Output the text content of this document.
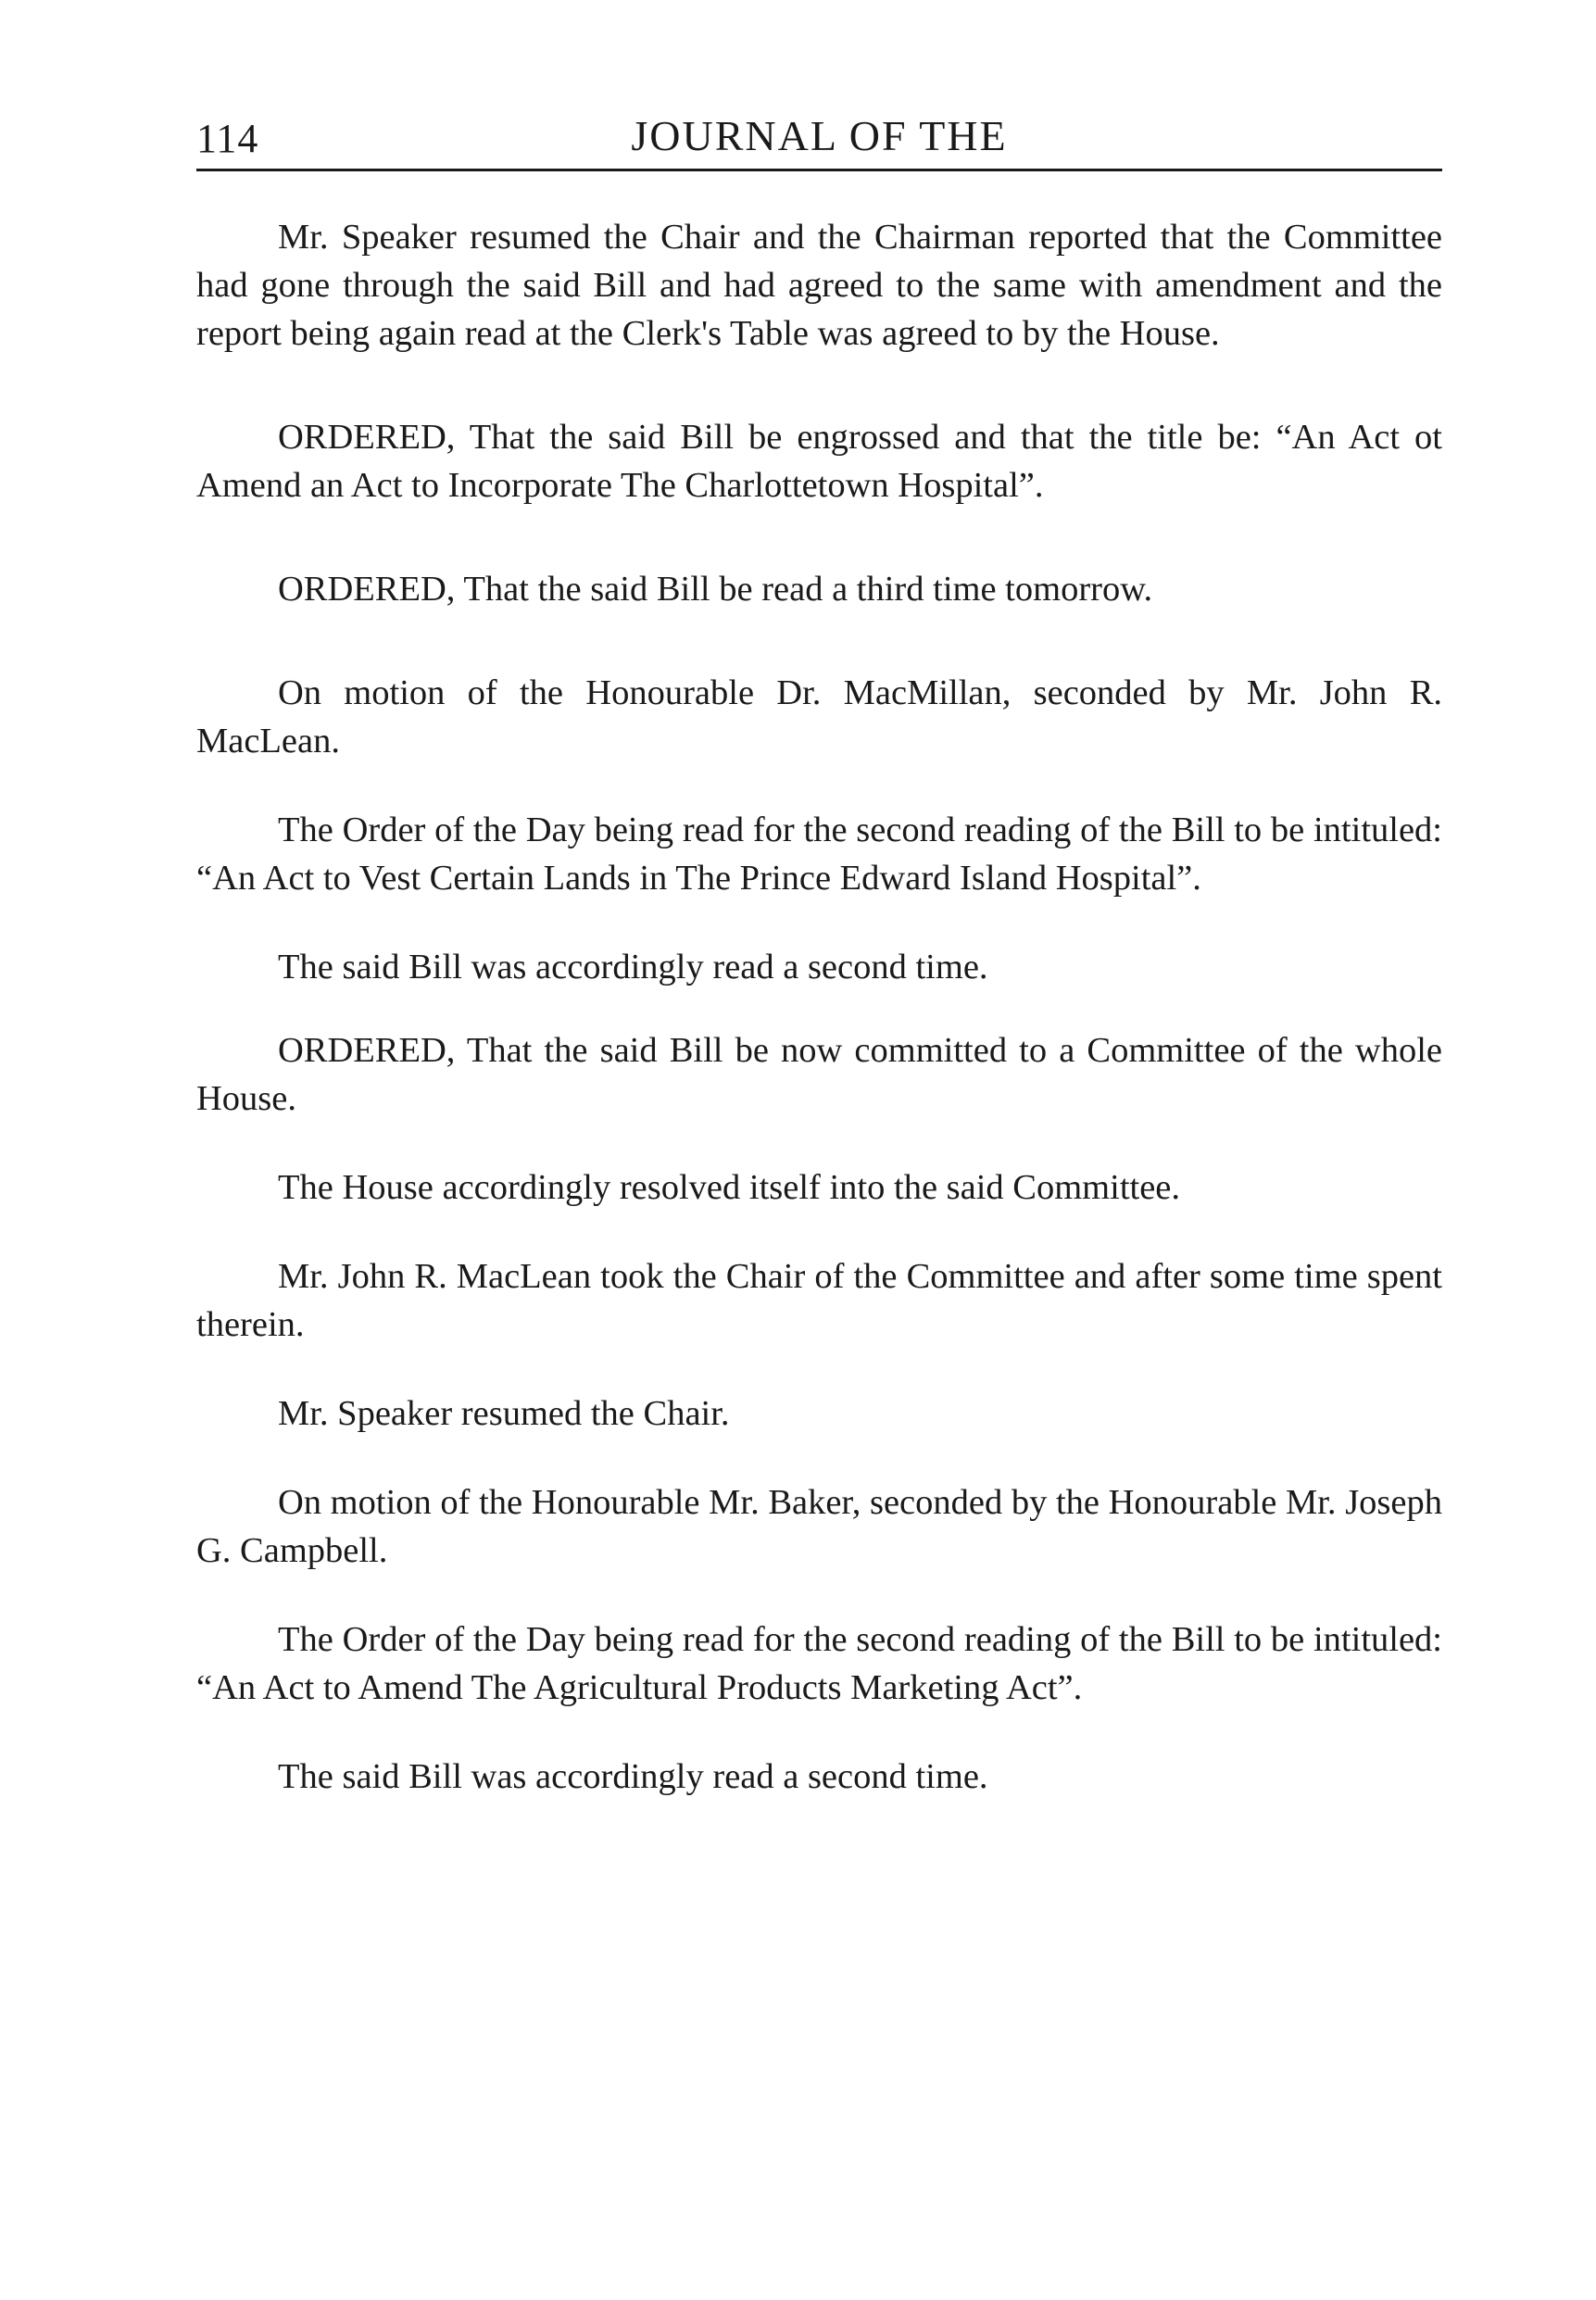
114	JOURNAL OF THE

Mr. Speaker resumed the Chair and the Chairman reported that the Committee had gone through the said Bill and had agreed to the same with amendment and the report being again read at the Clerk's Table was agreed to by the House.

ORDERED, That the said Bill be engrossed and that the title be: “An Act ot Amend an Act to Incorporate The Charlottetown Hospital”.

ORDERED, That the said Bill be read a third time tomorrow.

On motion of the Honourable Dr. MacMillan, seconded by Mr. John R. MacLean.

The Order of the Day being read for the second reading of the Bill to be intituled: “An Act to Vest Certain Lands in The Prince Edward Island Hospital”.

The said Bill was accordingly read a second time.

ORDERED, That the said Bill be now committed to a Committee of the whole House.

The House accordingly resolved itself into the said Committee.

Mr. John R. MacLean took the Chair of the Committee and after some time spent therein.

Mr. Speaker resumed the Chair.

On motion of the Honourable Mr. Baker, seconded by the Honourable Mr. Joseph G. Campbell.

The Order of the Day being read for the second reading of the Bill to be intituled: “An Act to Amend The Agricultural Products Marketing Act”.

The said Bill was accordingly read a second time.
